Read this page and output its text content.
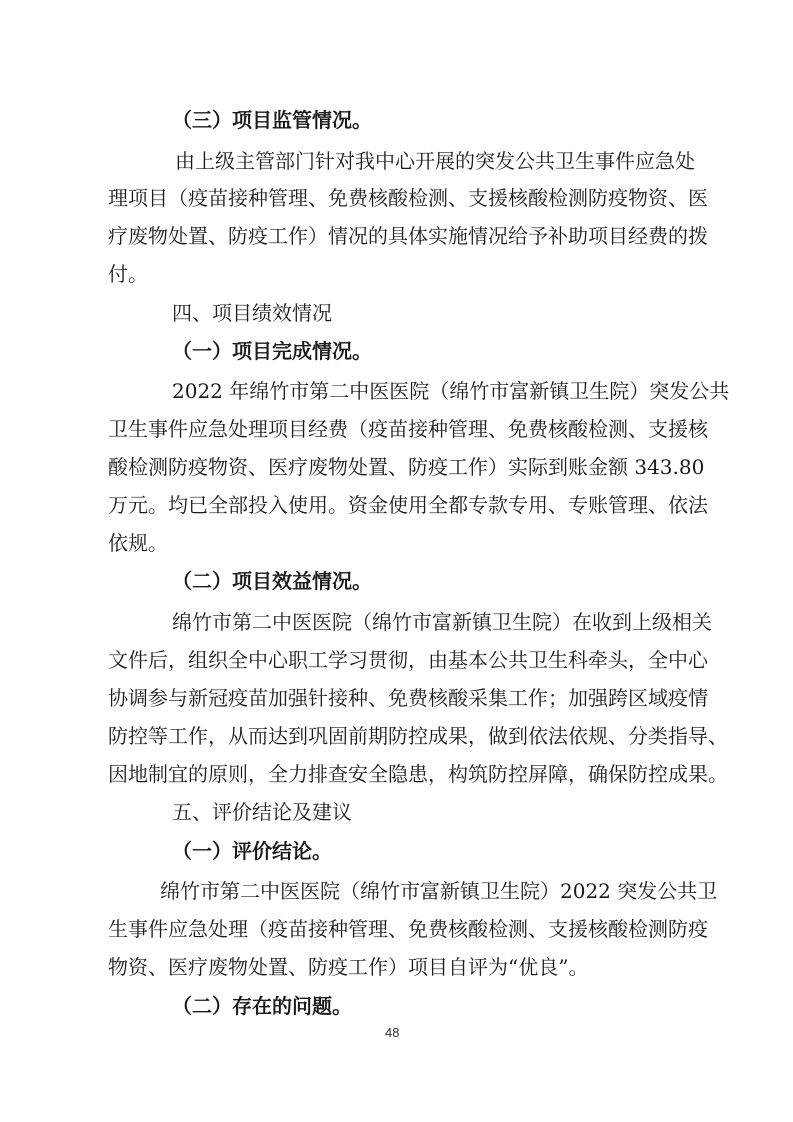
（三）项目监管情况。

由上级主管部门针对我中心开展的突发公共卫生事件应急处

理项目（疫苗接种管理、免费核酸检测、支援核酸检测防疫物资、医

疗废物处置、防疫工作）情况的具体实施情况给予补助项目经费的拨

付。

四、项目绩效情况

（一）项目完成情况。

2022 年绵竹市第二中医医院（绵竹市富新镇卫生院）突发公共

卫生事件应急处理项目经费（疫苗接种管理、免费核酸检测、支援核

酸检测防疫物资、医疗废物处置、防疫工作）实际到账金额 343.80

万元。均已全部投入使用。资金使用全都专款专用、专账管理、依法

依规。

（二）项目效益情况。

绵竹市第二中医医院（绵竹市富新镇卫生院）在收到上级相关

文件后，组织全中心职工学习贯彻，由基本公共卫生科牵头，全中心

协调参与新冠疫苗加强针接种、免费核酸采集工作；加强跨区域疫情

防控等工作，从而达到巩固前期防控成果，做到依法依规、分类指导、

因地制宜的原则，全力排查安全隐患，构筑防控屏障，确保防控成果。

五、评价结论及建议

（一）评价结论。

绵竹市第二中医医院（绵竹市富新镇卫生院）2022 突发公共卫

生事件应急处理（疫苗接种管理、免费核酸检测、支援核酸检测防疫

物资、医疗废物处置、防疫工作）项目自评为“优良”。

（二）存在的问题。

48
